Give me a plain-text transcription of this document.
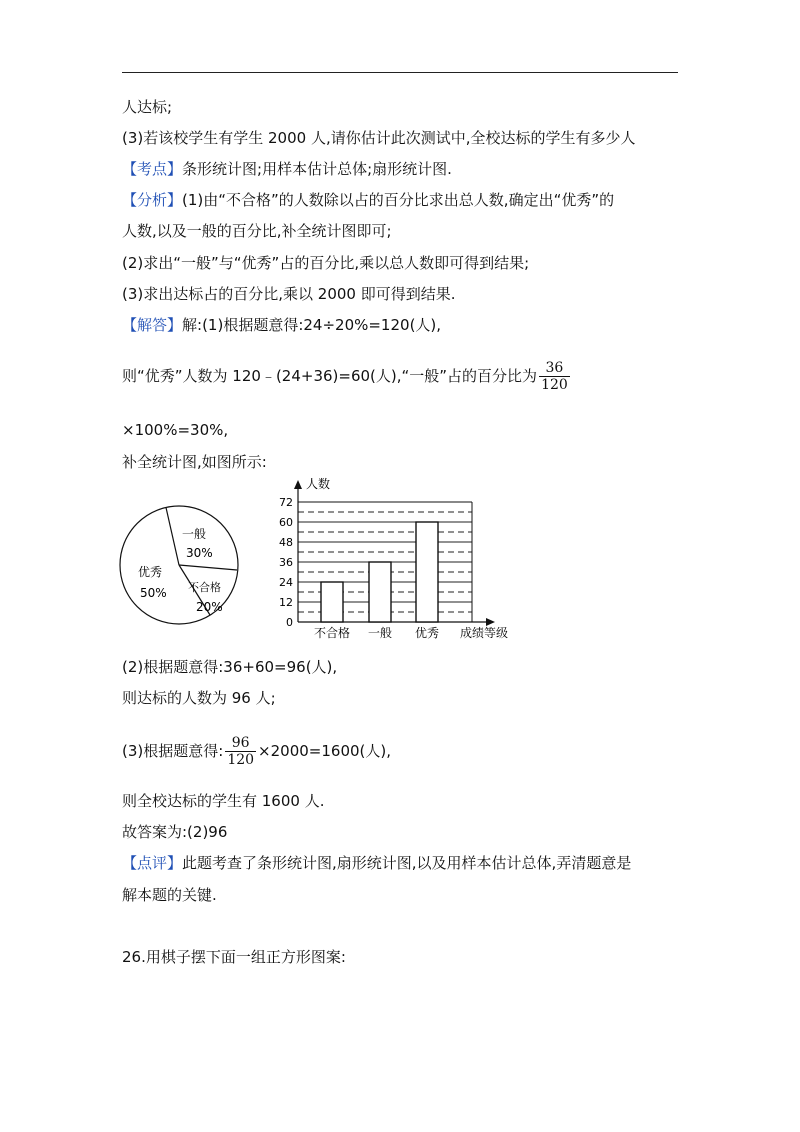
人达标;
(3)若该校学生有学生 2000 人,请你估计此次测试中,全校达标的学生有多少人
【考点】条形统计图;用样本估计总体;扇形统计图.
【分析】(1)由“不合格”的人数除以占的百分比求出总人数,确定出“优秀”的
人数,以及一般的百分比,补全统计图即可;
(2)求出“一般”与“优秀”占的百分比,乘以总人数即可得到结果;
(3)求出达标占的百分比,乘以 2000 即可得到结果.
【解答】解:(1)根据题意得:24÷20%=120(人),
则“优秀”人数为 120﹣(24+36)=60(人),“一般”占的百分比为 $\frac{36}{120}$
×100%=30%,
补全统计图,如图所示:
一般
30%
不合格
20%
优秀
50%
0
12
24
36
48
60
72
不合格 一般 优秀
人数
成绩等级
(2)根据题意得:36+60=96(人),
则达标的人数为 96 人;
(3)根据题意得: $\frac{96}{120} \times 2000=1600$(人),
则全校达标的学生有 1600 人.
故答案为:(2)96
【点评】此题考查了条形统计图,扇形统计图,以及用样本估计总体,弄清题意是
解本题的关键.
26.用棋子摆下面一组正方形图案:
